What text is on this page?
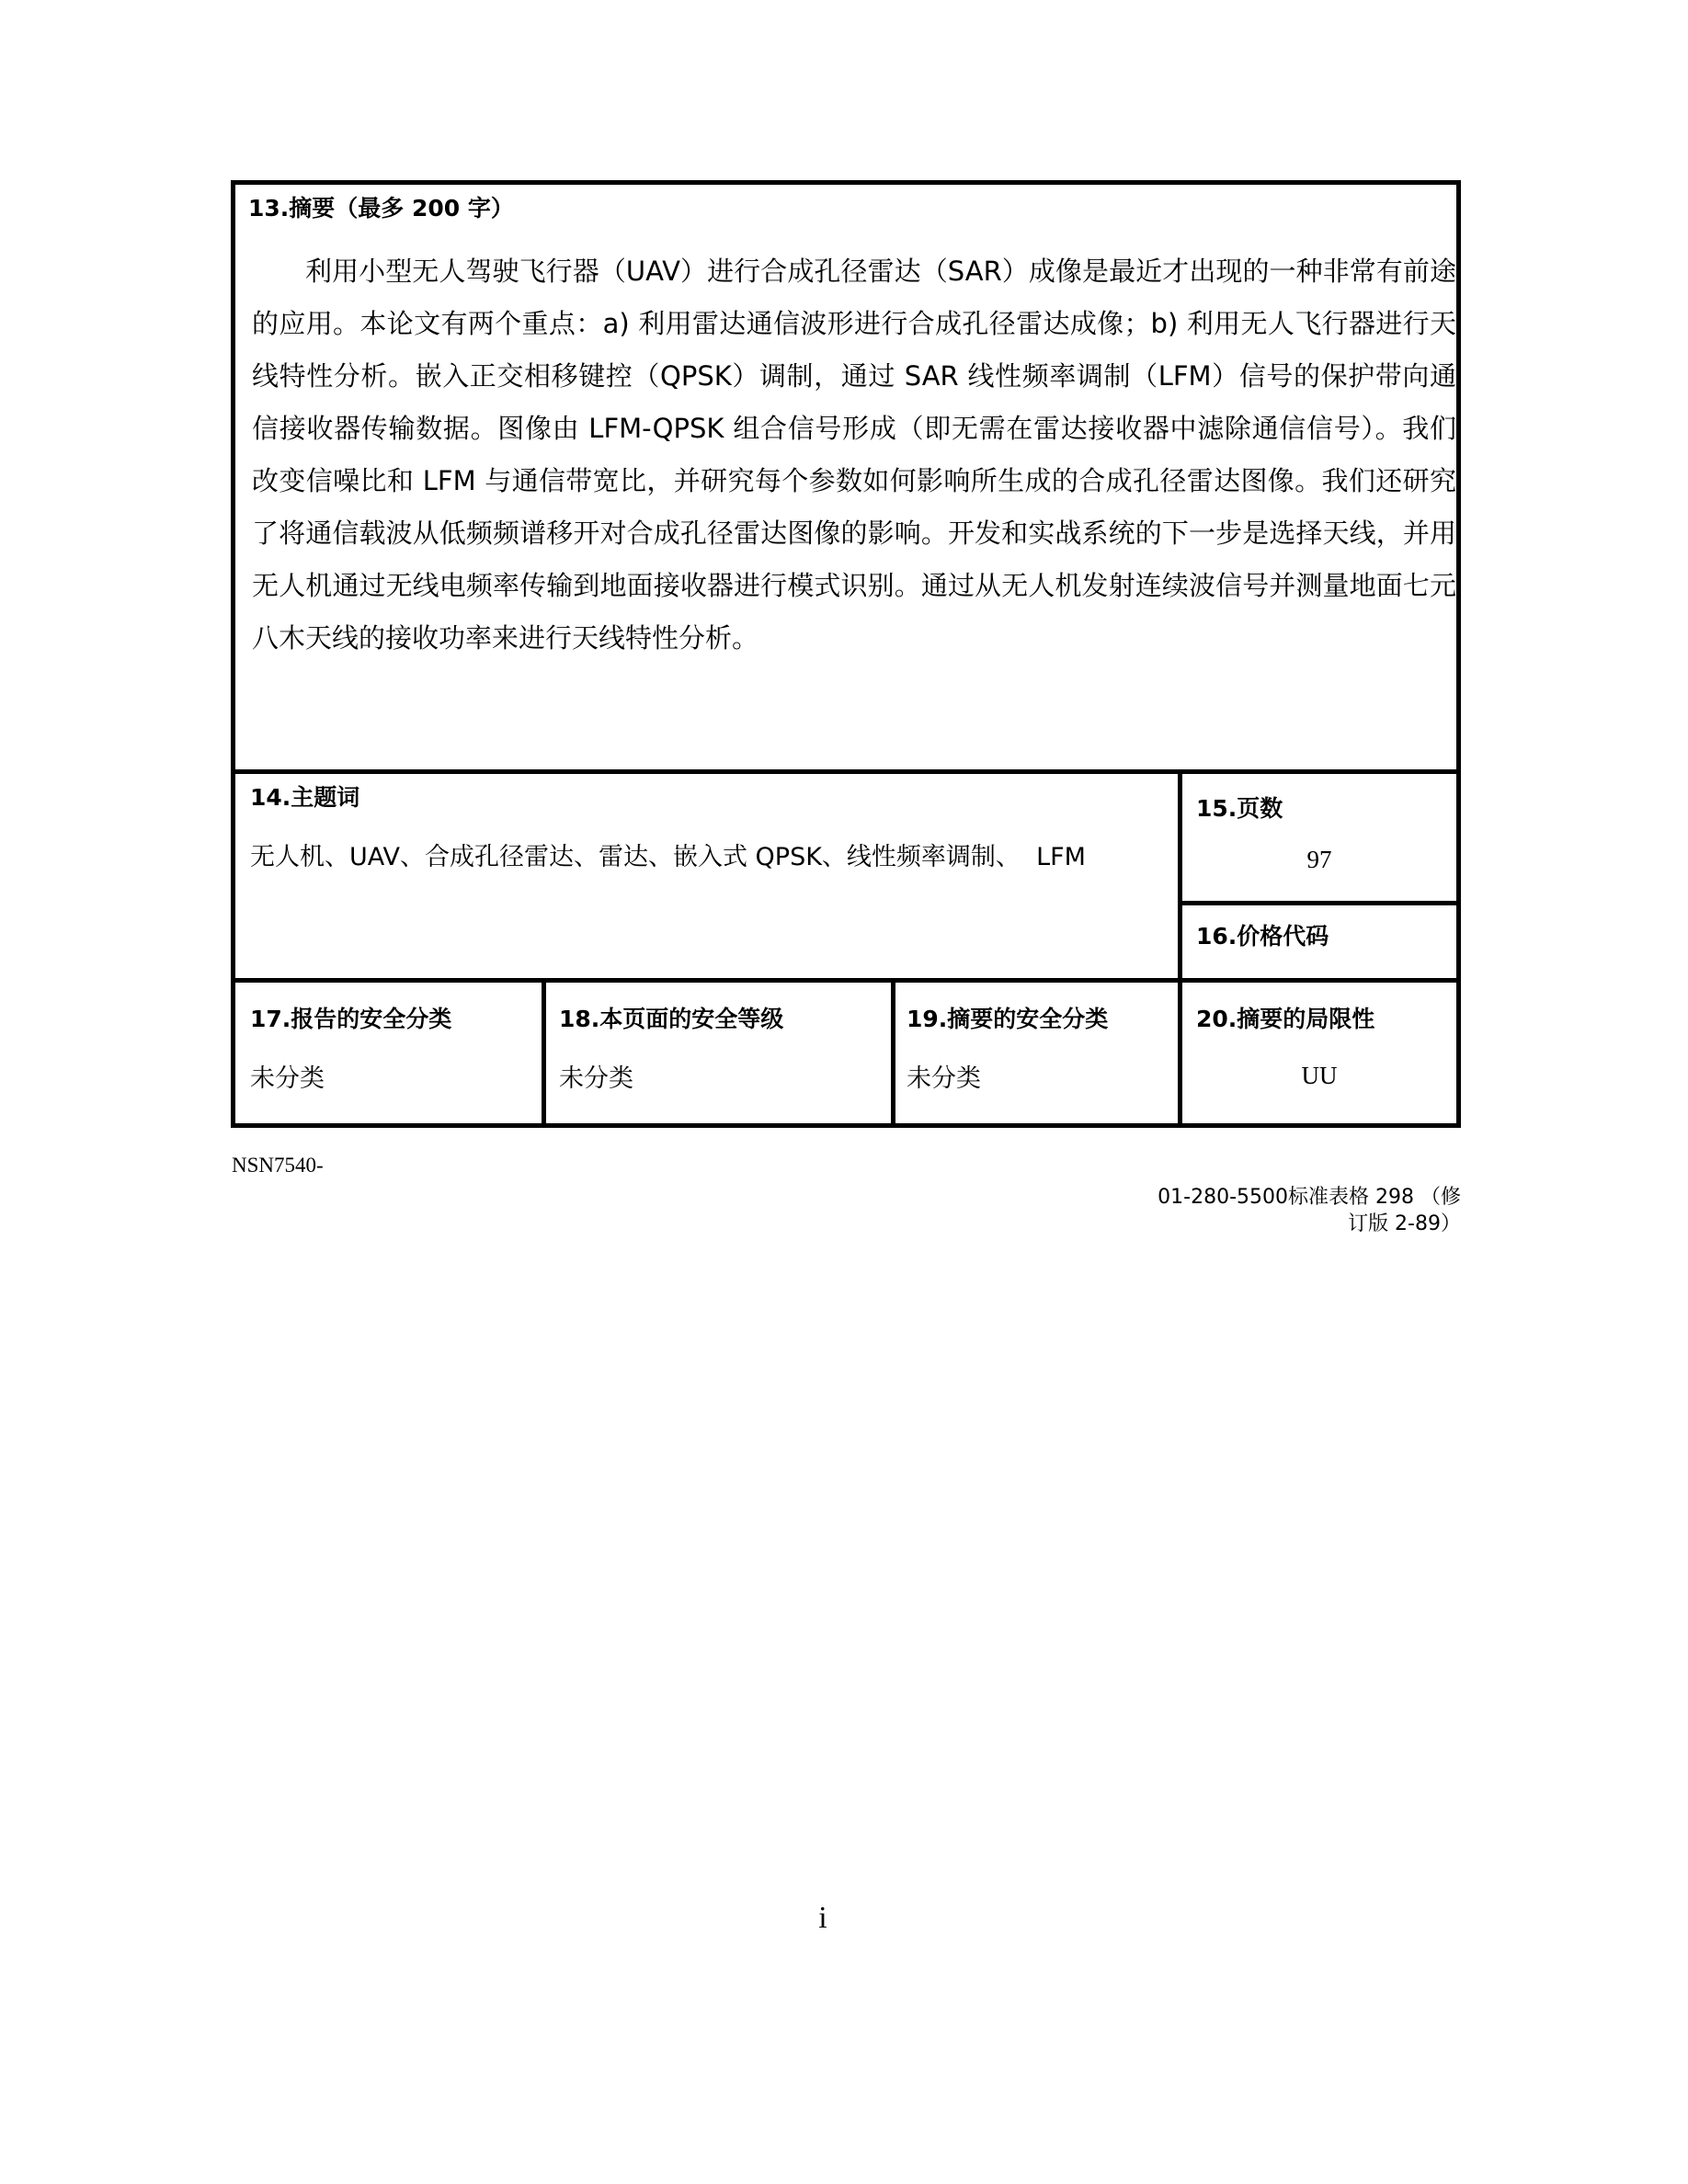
13.摘要（最多 200 字）
利用小型无人驾驶飞行器（UAV）进行合成孔径雷达（SAR）成像是最近才出现的一种非常有前途的应用。本论文有两个重点：a) 利用雷达通信波形进行合成孔径雷达成像；b) 利用无人飞行器进行天线特性分析。嵌入正交相移键控（QPSK）调制，通过 SAR 线性频率调制（LFM）信号的保护带向通信接收器传输数据。图像由 LFM-QPSK 组合信号形成（即无需在雷达接收器中滤除通信信号）。我们改变信噪比和 LFM 与通信带宽比，并研究每个参数如何影响所生成的合成孔径雷达图像。我们还研究了将通信载波从低频频谱移开对合成孔径雷达图像的影响。开发和实战系统的下一步是选择天线，并用无人机通过无线电频率传输到地面接收器进行模式识别。通过从无人机发射连续波信号并测量地面七元八木天线的接收功率来进行天线特性分析。
14.主题词
无人机、UAV、合成孔径雷达、雷达、嵌入式 QPSK、线性频率调制、  LFM
15.页数
97
16.价格代码
17.报告的安全分类
未分类
18.本页面的安全等级
未分类
19.摘要的安全分类
未分类
20.摘要的局限性
UU
NSN7540-
01-280-5500标准表格 298 （修
订版 2-89）
i
